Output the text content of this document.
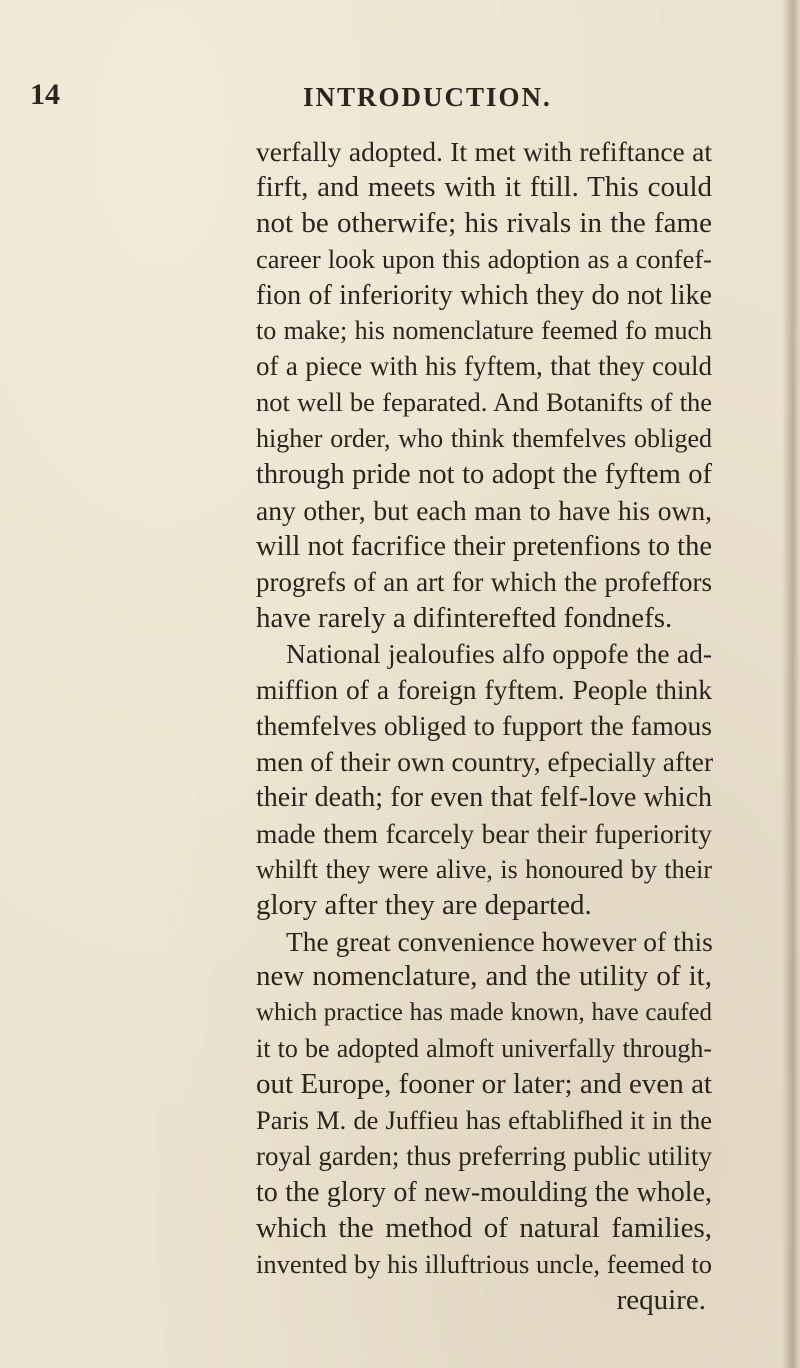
14	INTRODUCTION.
verfally adopted. It met with refiftance at
firft, and meets with it ftill. This could
not be otherwife; his rivals in the fame
career look upon this adoption as a confef-
fion of inferiority which they do not like
to make; his nomenclature feemed fo much
of a piece with his fyftem, that they could
not well be feparated. And Botanifts of the
higher order, who think themfelves obliged
through pride not to adopt the fyftem of
any other, but each man to have his own,
will not facrifice their pretenfions to the
progrefs of an art for which the profeffors
have rarely a difinterefted fondnefs.
National jealoufies alfo oppofe the ad-
miffion of a foreign fyftem. People think
themfelves obliged to fupport the famous
men of their own country, efpecially after
their death; for even that felf-love which
made them fcarcely bear their fuperiority
whilft they were alive, is honoured by their
glory after they are departed.
The great convenience however of this
new nomenclature, and the utility of it,
which practice has made known, have caufed
it to be adopted almoft univerfally through-
out Europe, fooner or later; and even at
Paris M. de Juffieu has eftablifhed it in the
royal garden; thus preferring public utility
to the glory of new-moulding the whole,
which the method of natural families,
invented by his illuftrious uncle, feemed to
require.
